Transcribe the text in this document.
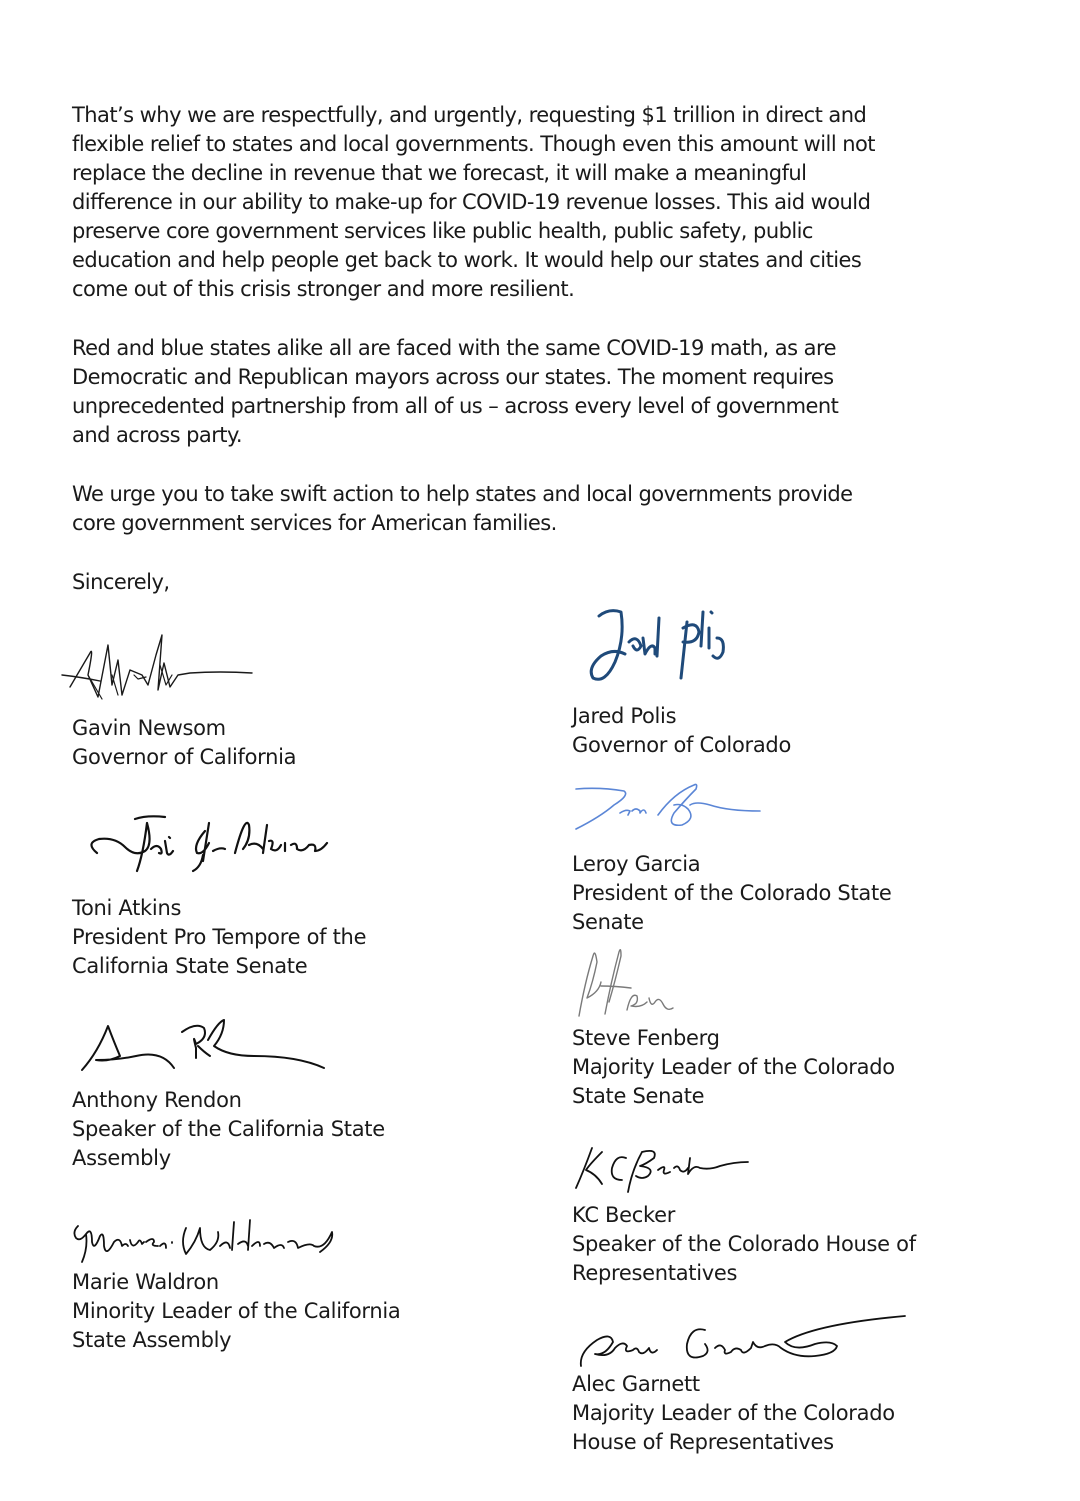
That’s why we are respectfully, and urgently, requesting $1 trillion in direct and
flexible relief to states and local governments. Though even this amount will not
replace the decline in revenue that we forecast, it will make a meaningful
difference in our ability to make-up for COVID-19 revenue losses. This aid would
preserve core government services like public health, public safety, public
education and help people get back to work. It would help our states and cities
come out of this crisis stronger and more resilient.
Red and blue states alike all are faced with the same COVID-19 math, as are
Democratic and Republican mayors across our states. The moment requires
unprecedented partnership from all of us – across every level of government
and across party.
We urge you to take swift action to help states and local governments provide
core government services for American families.
Sincerely,
Gavin Newsom
Governor of California
Toni Atkins
President Pro Tempore of the
California State Senate
Anthony Rendon
Speaker of the California State
Assembly
Marie Waldron
Minority Leader of the California
State Assembly
Jared Polis
Governor of Colorado
Leroy Garcia
President of the Colorado State
Senate
Steve Fenberg
Majority Leader of the Colorado
State Senate
KC Becker
Speaker of the Colorado House of
Representatives
Alec Garnett
Majority Leader of the Colorado
House of Representatives
